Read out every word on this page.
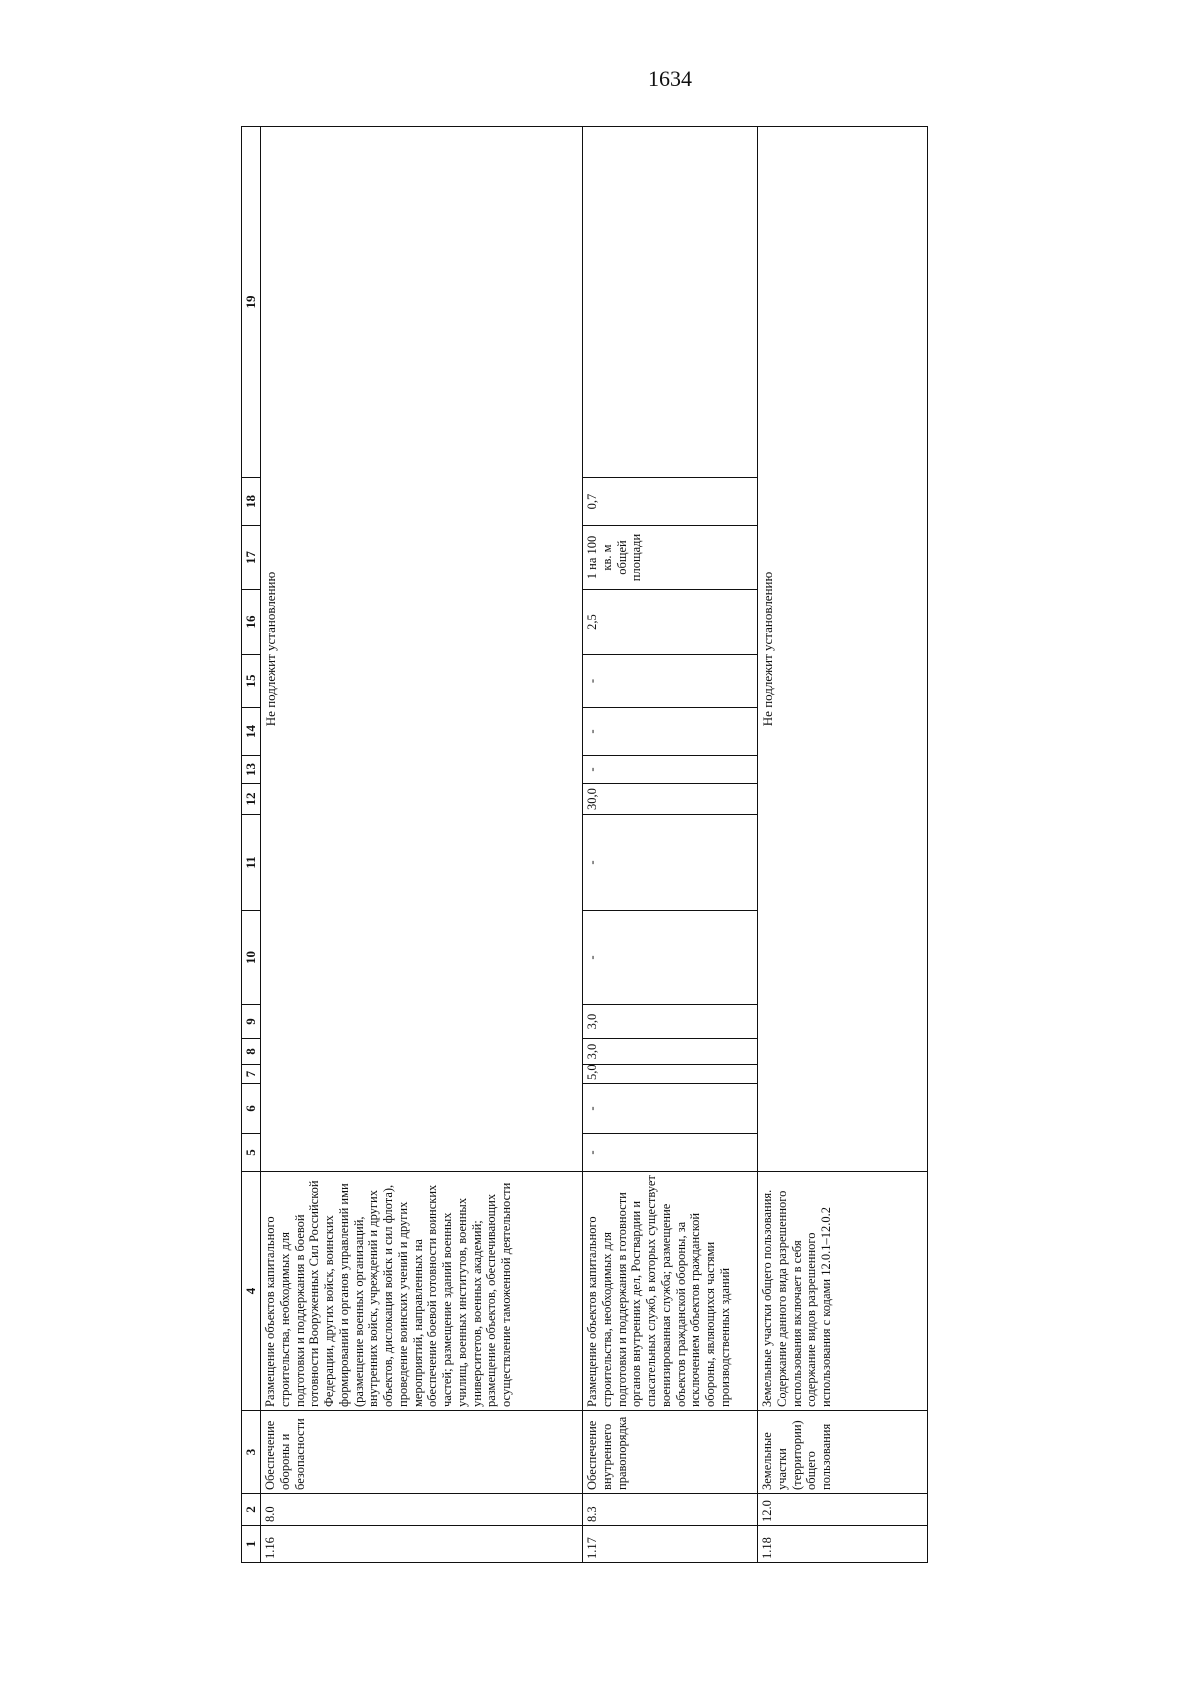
1634
1	2	3	4	5	6	7	8	9	10	11	12	13	14	15	16	17	18	19
1.16	8.0	Обеспечение обороны и безопасности	Размещение объектов капитального строительства, необходимых для подготовки и поддержания в боевой готовности Вооруженных Сил Российской Федерации, других войск, воинских формирований и органов управлений ими (размещение военных организаций, внутренних войск, учреждений и других объектов, дислокация войск и сил флота), проведение воинских учений и других мероприятий, направленных на обеспечение боевой готовности воинских частей; размещение зданий военных училищ, военных институтов, военных университетов, военных академий; размещение объектов, обеспечивающих осуществление таможенной деятельности	Не подлежит установлению														
1.17	8.3	Обеспечение внутреннего правопорядка	Размещение объектов капитального строительства, необходимых для подготовки и поддержания в готовности органов внутренних дел, Росгвардии и спасательных служб, в которых существует военизированная служба; размещение объектов гражданской обороны, за исключением объектов гражданской обороны, являющихся частями производственных зданий	-	-	5,0	3,0	3,0	-	-	30,0	-	-	-	2,5	1 на 100 кв. м общей площади	0,7	
1.18	12.0	Земельные участки (территории) общего пользования	Земельные участки общего пользования. Содержание данного вида разрешенного использования включает в себя содержание видов разрешенного использования с кодами 12.0.1–12.0.2	Не подлежит установлению														
